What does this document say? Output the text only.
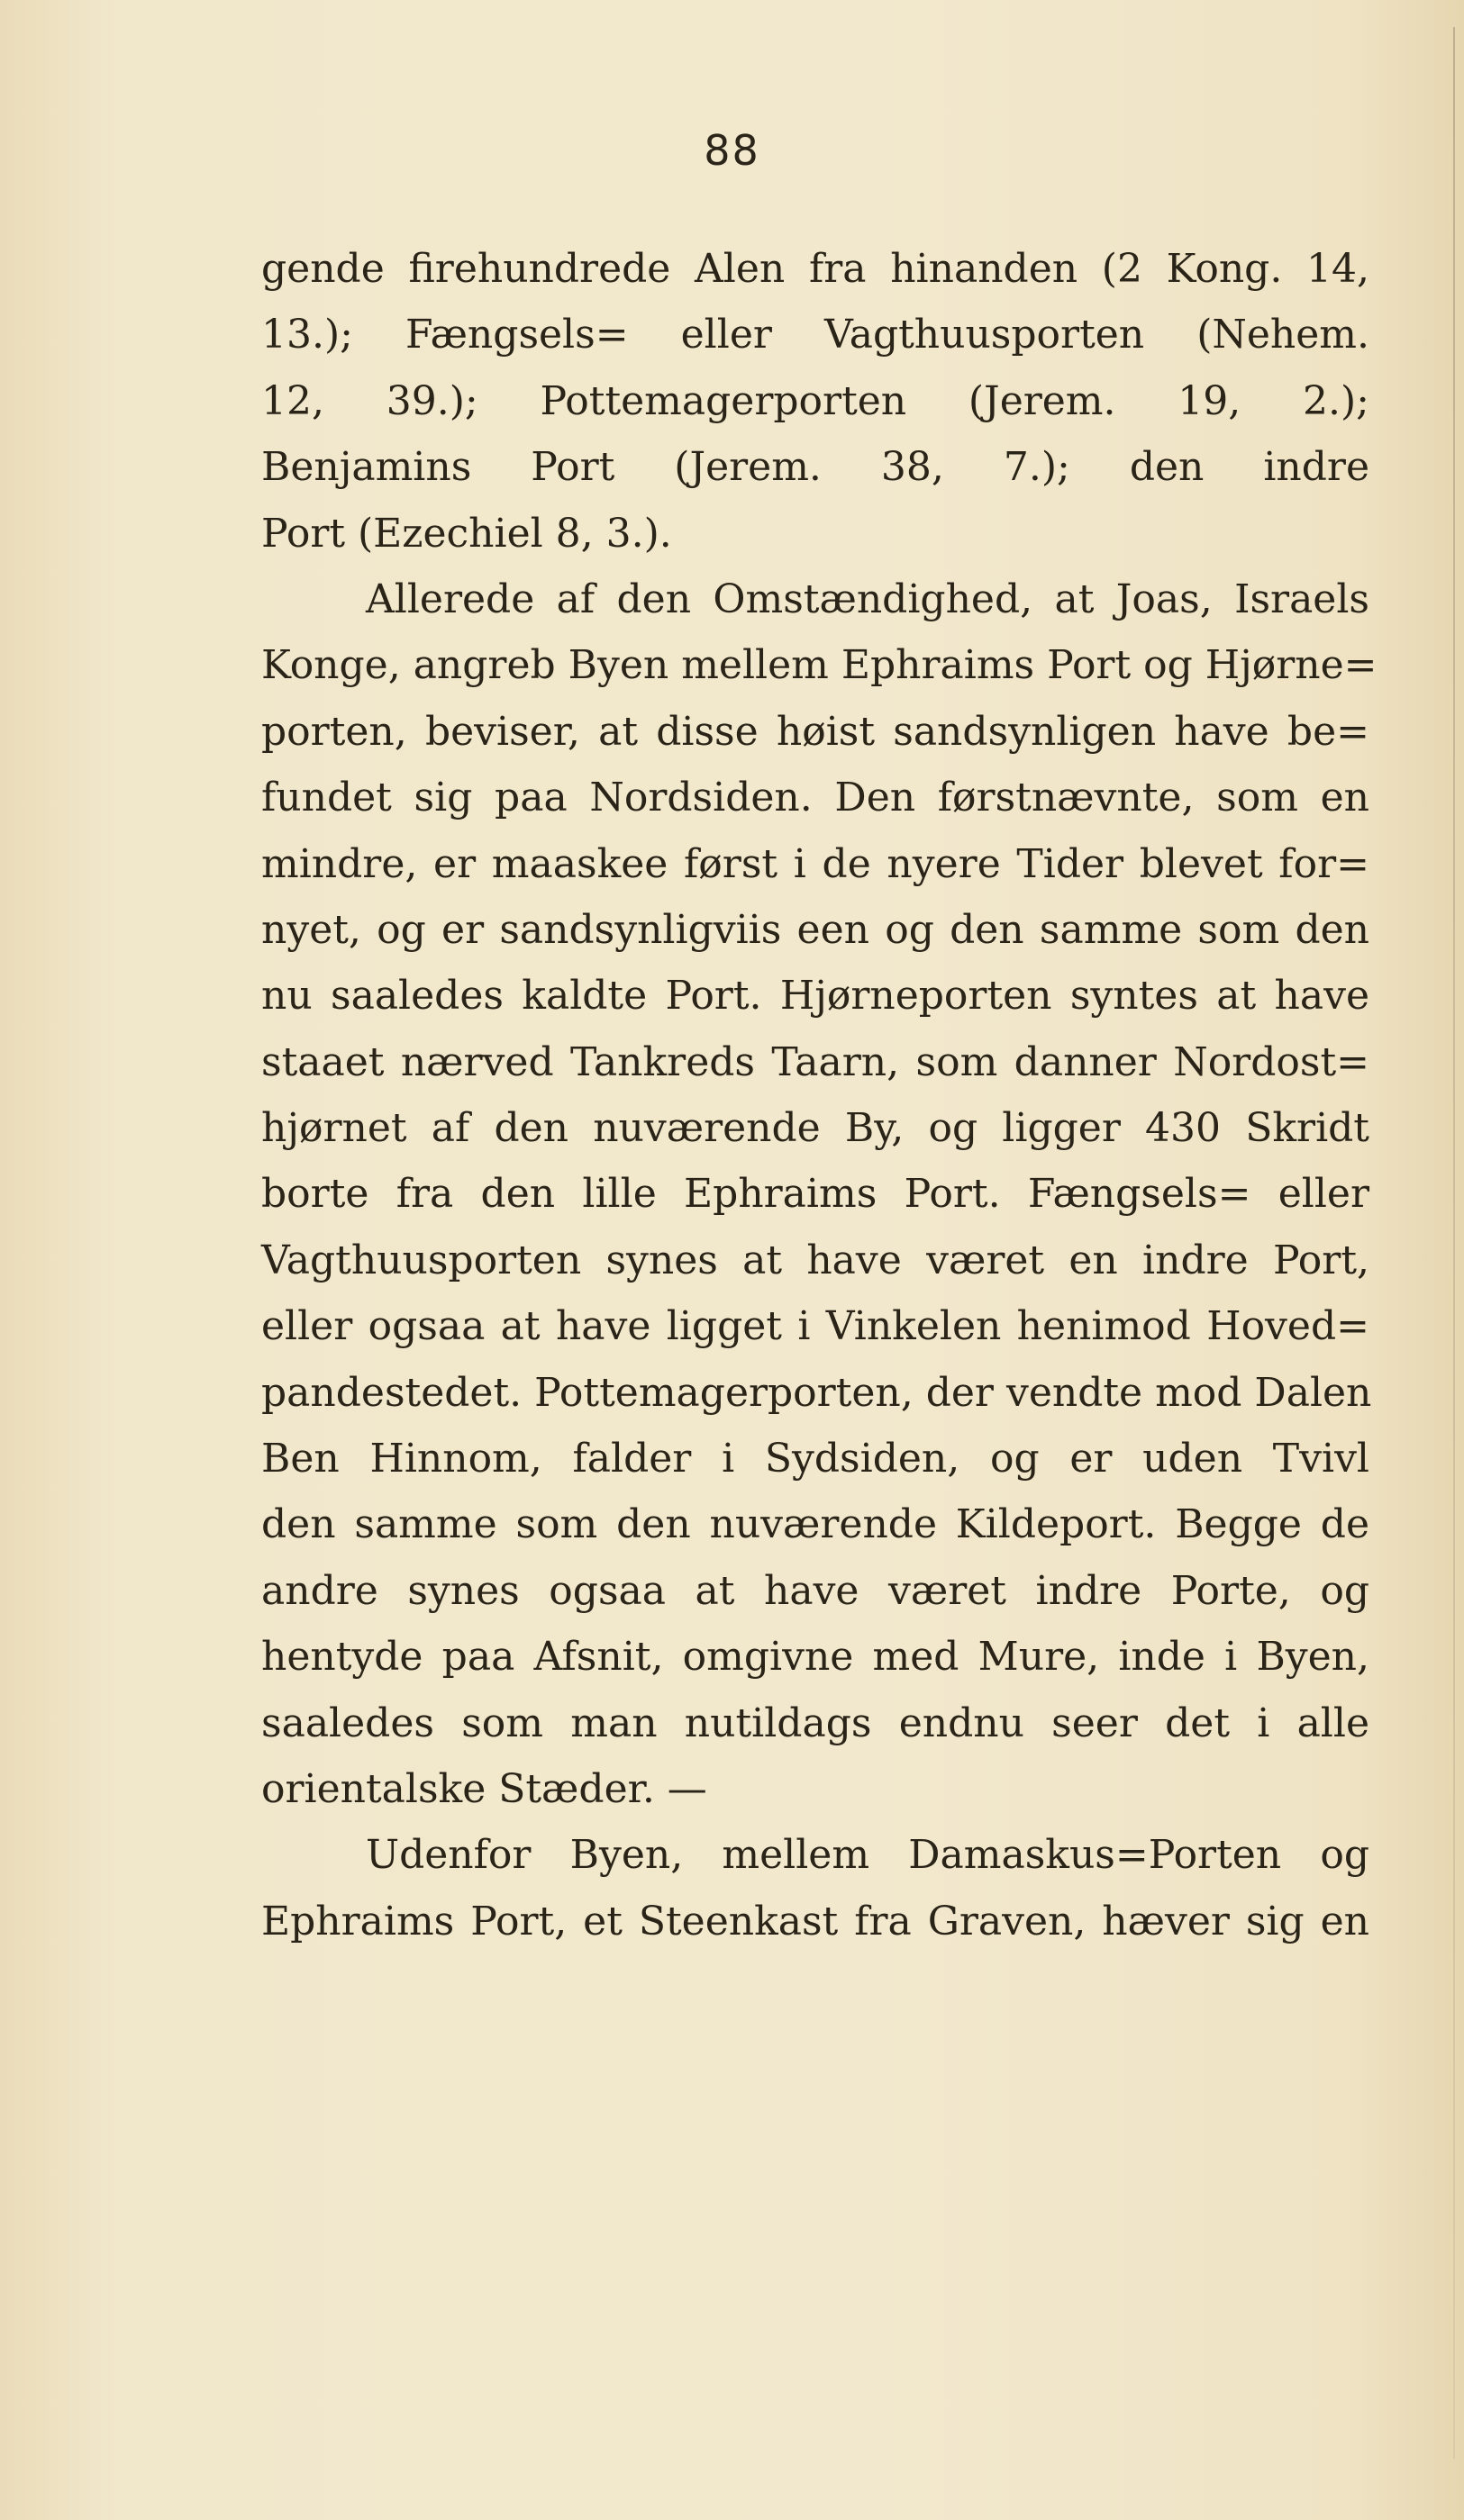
88
gende firehundrede Alen fra hinanden (2 Kong. 14,
13.); Fængsels= eller Vagthuusporten (Nehem.
12, 39.); Pottemagerporten (Jerem. 19, 2.);
Benjamins Port (Jerem. 38, 7.); den indre
Port (Ezechiel 8, 3.).
Allerede af den Omstændighed, at Joas, Israels
Konge, angreb Byen mellem Ephraims Port og Hjørne=
porten, beviser, at disse høist sandsynligen have be=
fundet sig paa Nordsiden. Den førstnævnte, som en
mindre, er maaskee først i de nyere Tider blevet for=
nyet, og er sandsynligviis een og den samme som den
nu saaledes kaldte Port. Hjørneporten syntes at have
staaet nærved Tankreds Taarn, som danner Nordost=
hjørnet af den nuværende By, og ligger 430 Skridt
borte fra den lille Ephraims Port. Fængsels= eller
Vagthuusporten synes at have været en indre Port,
eller ogsaa at have ligget i Vinkelen henimod Hoved=
pandestedet. Pottemagerporten, der vendte mod Dalen
Ben Hinnom, falder i Sydsiden, og er uden Tvivl
den samme som den nuværende Kildeport. Begge de
andre synes ogsaa at have været indre Porte, og
hentyde paa Afsnit, omgivne med Mure, inde i Byen,
saaledes som man nutildags endnu seer det i alle
orientalske Stæder. —
Udenfor Byen, mellem Damaskus=Porten og
Ephraims Port, et Steenkast fra Graven, hæver sig en
